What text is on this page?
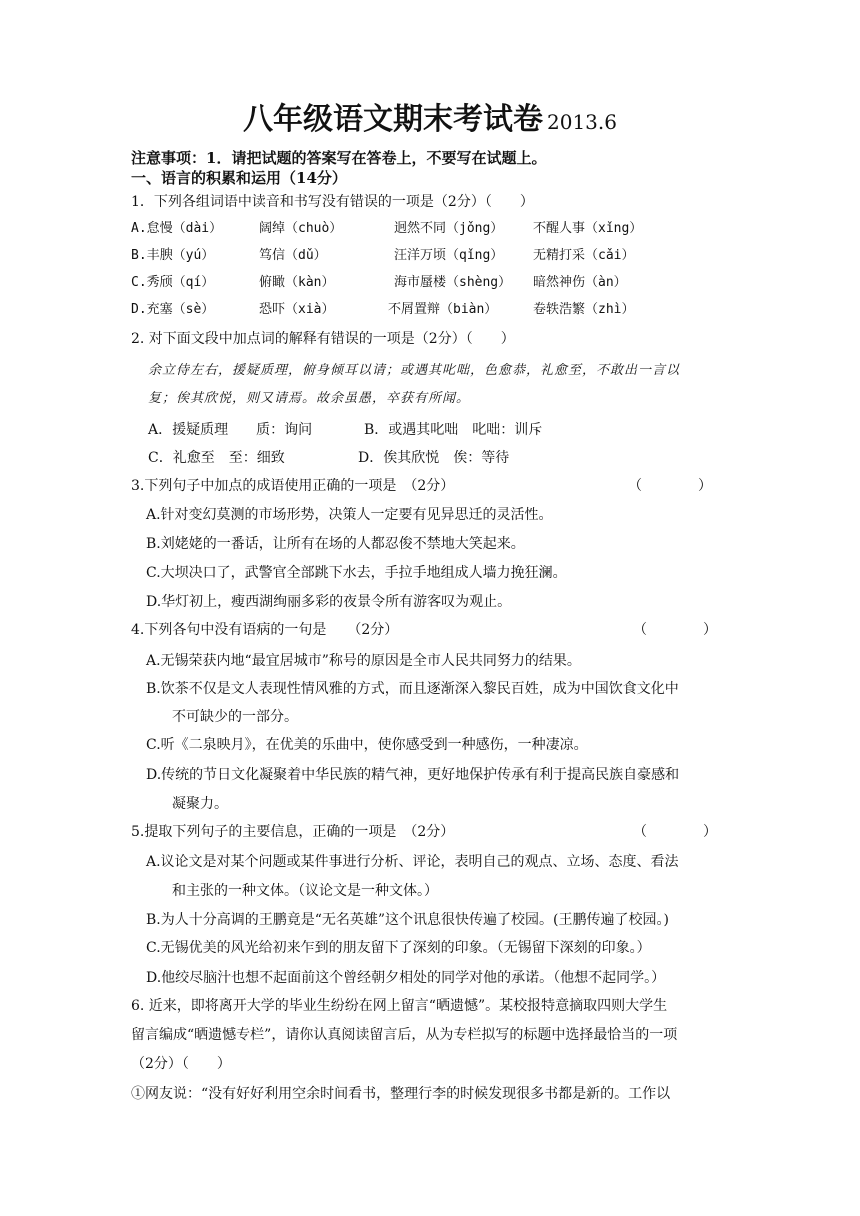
八年级语文期末考试卷 2013.6
注意事项：1．请把试题的答案写在答卷上，不要写在试题上。
一、语言的积累和运用（14分）
1．下列各组词语中读音和书写没有错误的一项是（2分）（　　）
A.怠慢（dài）	阔绰（chuò）	迥然不同（jǒng） 不醒人事（xǐng）
B.丰腴（yú）	笃信（dǔ）	汪洋万顷（qǐng） 无精打采（cǎi）
C.秀颀（qí）	俯瞰（kàn）	海市蜃楼（shèng） 暗然神伤（àn）
D.充塞（sè）	恐吓（xià）	不屑置辩（biàn）	卷轶浩繁（zhì）
2. 对下面文段中加点词的解释有错误的一项是（2分）（　　）
余立侍左右，援疑质理，俯身倾耳以请；或遇其叱咄，色愈恭，礼愈至，不敢出一言以
复；俟其欣悦，则又请焉。故余虽愚，卒获有所闻。
A．援疑质理　　质：询问	B．或遇其叱咄　叱咄：训斥
C．礼愈至　至：细致	D．俟其欣悦　俟：等待
3.下列句子中加点的成语使用正确的一项是　（2分）	（　　　　）
A.针对变幻莫测的市场形势，决策人一定要有见异思迁的灵活性。
B.刘姥姥的一番话，让所有在场的人都忍俊不禁地大笑起来。
C.大坝决口了，武警官全部跳下水去，手拉手地组成人墙力挽狂澜。
D.华灯初上，瘦西湖绚丽多彩的夜景令所有游客叹为观止。
4.下列各句中没有语病的一句是　　（2分）	（　　　　）
A.无锡荣获内地“最宜居城市”称号的原因是全市人民共同努力的结果。
B.饮茶不仅是文人表现性情风雅的方式，而且逐渐深入黎民百姓，成为中国饮食文化中
不可缺少的一部分。
C.听《二泉映月》，在优美的乐曲中，使你感受到一种感伤，一种凄凉。
D.传统的节日文化凝聚着中华民族的精气神，更好地保护传承有利于提高民族自豪感和
凝聚力。
5.提取下列句子的主要信息，正确的一项是　（2分）	（　　　　）
A.议论文是对某个问题或某件事进行分析、评论，表明自己的观点、立场、态度、看法
和主张的一种文体。（议论文是一种文体。）
B.为人十分高调的王鹏竟是“无名英雄”这个讯息很快传遍了校园。(王鹏传遍了校园。)
C.无锡优美的风光给初来乍到的朋友留下了深刻的印象。（无锡留下深刻的印象。）
D.他绞尽脑汁也想不起面前这个曾经朝夕相处的同学对他的承诺。（他想不起同学。）
6. 近来，即将离开大学的毕业生纷纷在网上留言“晒遗憾”。某校报特意摘取四则大学生
留言编成“晒遗憾专栏”，请你认真阅读留言后，从为专栏拟写的标题中选择最恰当的一项
（2分）（　　）
①网友说：“没有好好利用空余时间看书，整理行李的时候发现很多书都是新的。工作以
